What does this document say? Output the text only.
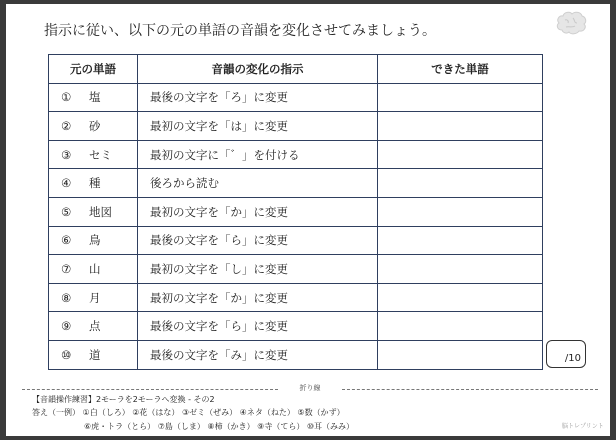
指示に従い、以下の元の単語の音韻を変化させてみましょう。
元の単語	音韻の変化の指示	できた単語
① 塩	最後の文字を「ろ」に変更	
② 砂	最初の文字を「は」に変更	
③ セミ	最初の文字に「゛」を付ける	
④ 種	後ろから読む	
⑤ 地図	最初の文字を「か」に変更	
⑥ 鳥	最後の文字を「ら」に変更	
⑦ 山	最初の文字を「し」に変更	
⑧ 月	最初の文字を「か」に変更	
⑨ 点	最後の文字を「ら」に変更	
⑩ 道	最後の文字を「み」に変更		/10
折り線
【音韻操作練習】2モーラを2モーラへ変換 - その2
答え（一例） ①白（しろ） ②花（はな） ③ゼミ（ぜみ） ④ネタ（ねた） ⑤数（かず）
⑥虎・トラ（とら） ⑦島（しま） ⑧柿（かき） ⑨寺（てら） ⑩耳（みみ）	脳トレプリント
